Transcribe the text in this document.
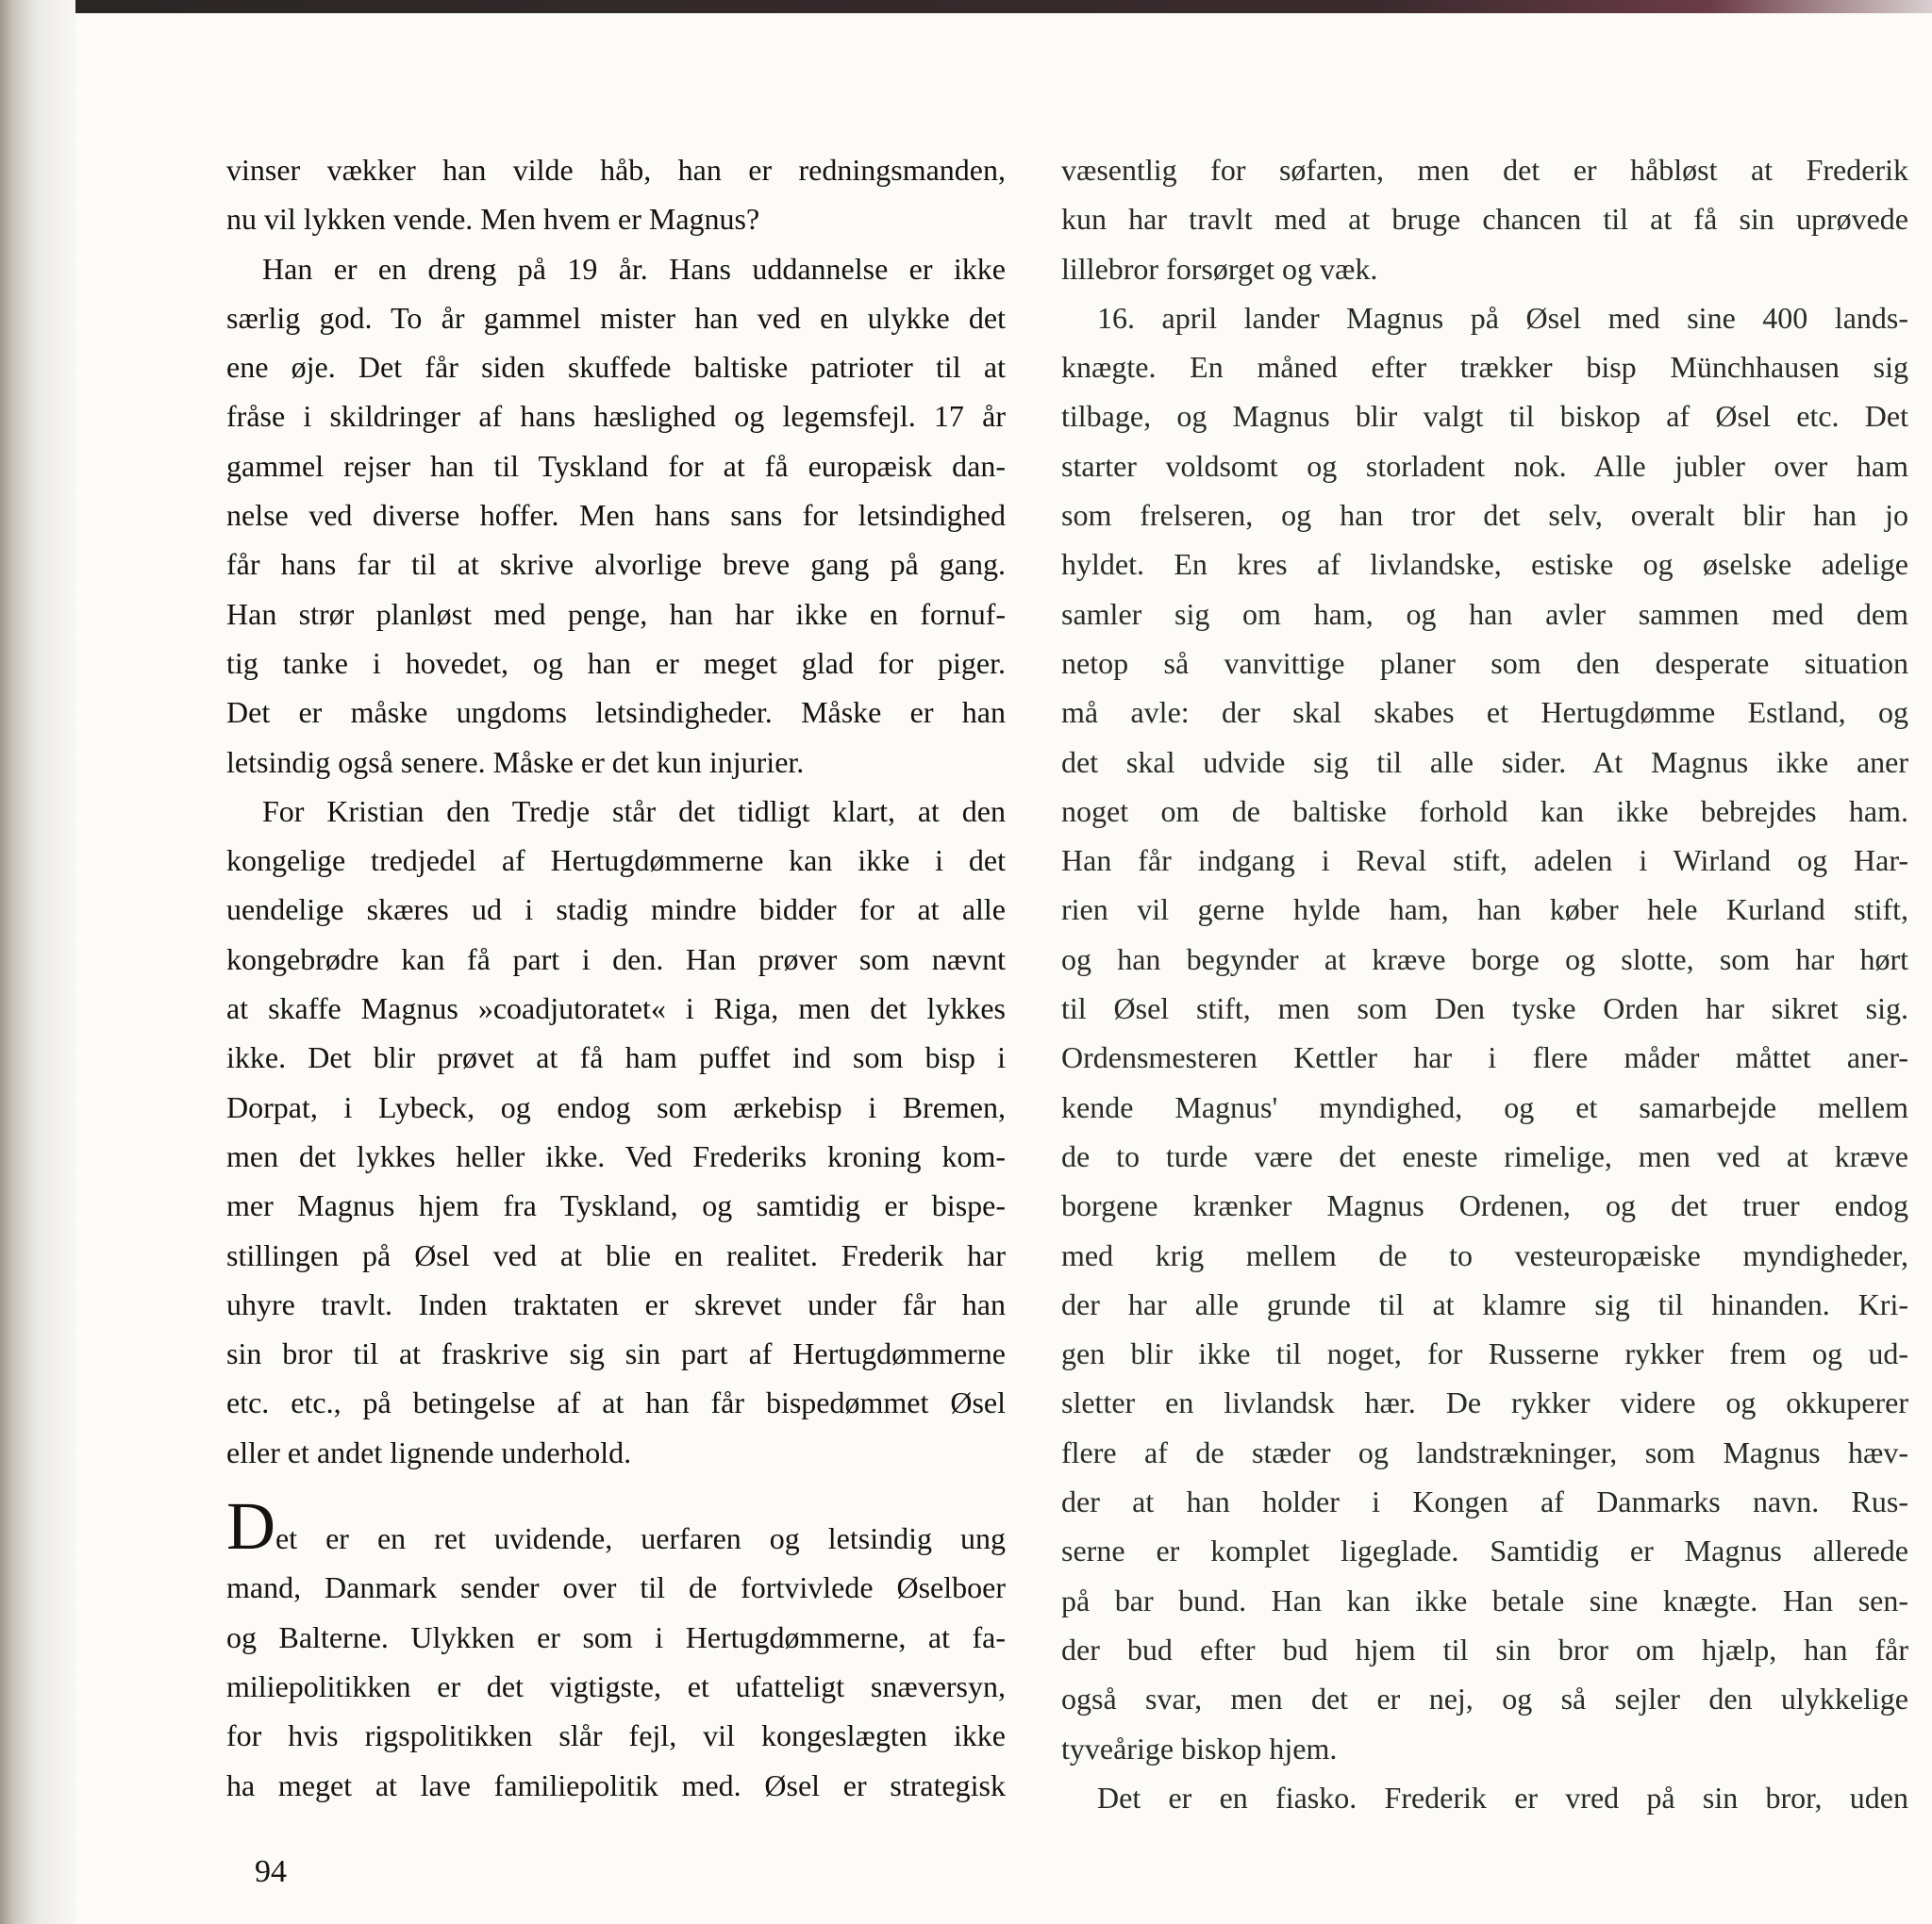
vinser vækker han vilde håb, han er redningsmanden,

nu vil lykken vende. Men hvem er Magnus?

Han er en dreng på 19 år. Hans uddannelse er ikke

særlig god. To år gammel mister han ved en ulykke det

ene øje. Det får siden skuffede baltiske patrioter til at

fråse i skildringer af hans hæslighed og legemsfejl. 17 år

gammel rejser han til Tyskland for at få europæisk dan-

nelse ved diverse hoffer. Men hans sans for letsindighed

får hans far til at skrive alvorlige breve gang på gang.

Han strør planløst med penge, han har ikke en fornuf-

tig tanke i hovedet, og han er meget glad for piger.

Det er måske ungdoms letsindigheder. Måske er han

letsindig også senere. Måske er det kun injurier.

For Kristian den Tredje står det tidligt klart, at den

kongelige tredjedel af Hertugdømmerne kan ikke i det

uendelige skæres ud i stadig mindre bidder for at alle

kongebrødre kan få part i den. Han prøver som nævnt

at skaffe Magnus »coadjutoratet« i Riga, men det lykkes

ikke. Det blir prøvet at få ham puffet ind som bisp i

Dorpat, i Lybeck, og endog som ærkebisp i Bremen,

men det lykkes heller ikke. Ved Frederiks kroning kom-

mer Magnus hjem fra Tyskland, og samtidig er bispe-

stillingen på Øsel ved at blie en realitet. Frederik har

uhyre travlt. Inden traktaten er skrevet under får han

sin bror til at fraskrive sig sin part af Hertugdømmerne

etc. etc., på betingelse af at han får bispedømmet Øsel

eller et andet lignende underhold.

Det er en ret uvidende, uerfaren og letsindig ung

mand, Danmark sender over til de fortvivlede Øselboer

og Balterne. Ulykken er som i Hertugdømmerne, at fa-

miliepolitikken er det vigtigste, et ufatteligt snæversyn,

for hvis rigspolitikken slår fejl, vil kongeslægten ikke

ha meget at lave familiepolitik med. Øsel er strategisk

væsentlig for søfarten, men det er håbløst at Frederik

kun har travlt med at bruge chancen til at få sin uprøvede

lillebror forsørget og væk.

16. april lander Magnus på Øsel med sine 400 lands-

knægte. En måned efter trækker bisp Münchhausen sig

tilbage, og Magnus blir valgt til biskop af Øsel etc. Det

starter voldsomt og storladent nok. Alle jubler over ham

som frelseren, og han tror det selv, overalt blir han jo

hyldet. En kres af livlandske, estiske og øselske adelige

samler sig om ham, og han avler sammen med dem

netop så vanvittige planer som den desperate situation

må avle: der skal skabes et Hertugdømme Estland, og

det skal udvide sig til alle sider. At Magnus ikke aner

noget om de baltiske forhold kan ikke bebrejdes ham.

Han får indgang i Reval stift, adelen i Wirland og Har-

rien vil gerne hylde ham, han køber hele Kurland stift,

og han begynder at kræve borge og slotte, som har hørt

til Øsel stift, men som Den tyske Orden har sikret sig.

Ordensmesteren Kettler har i flere måder måttet aner-

kende Magnus' myndighed, og et samarbejde mellem

de to turde være det eneste rimelige, men ved at kræve

borgene krænker Magnus Ordenen, og det truer endog

med krig mellem de to vesteuropæiske myndigheder,

der har alle grunde til at klamre sig til hinanden. Kri-

gen blir ikke til noget, for Russerne rykker frem og ud-

sletter en livlandsk hær. De rykker videre og okkuperer

flere af de stæder og landstrækninger, som Magnus hæv-

der at han holder i Kongen af Danmarks navn. Rus-

serne er komplet ligeglade. Samtidig er Magnus allerede

på bar bund. Han kan ikke betale sine knægte. Han sen-

der bud efter bud hjem til sin bror om hjælp, han får

også svar, men det er nej, og så sejler den ulykkelige

tyveårige biskop hjem.

Det er en fiasko. Frederik er vred på sin bror, uden

94
